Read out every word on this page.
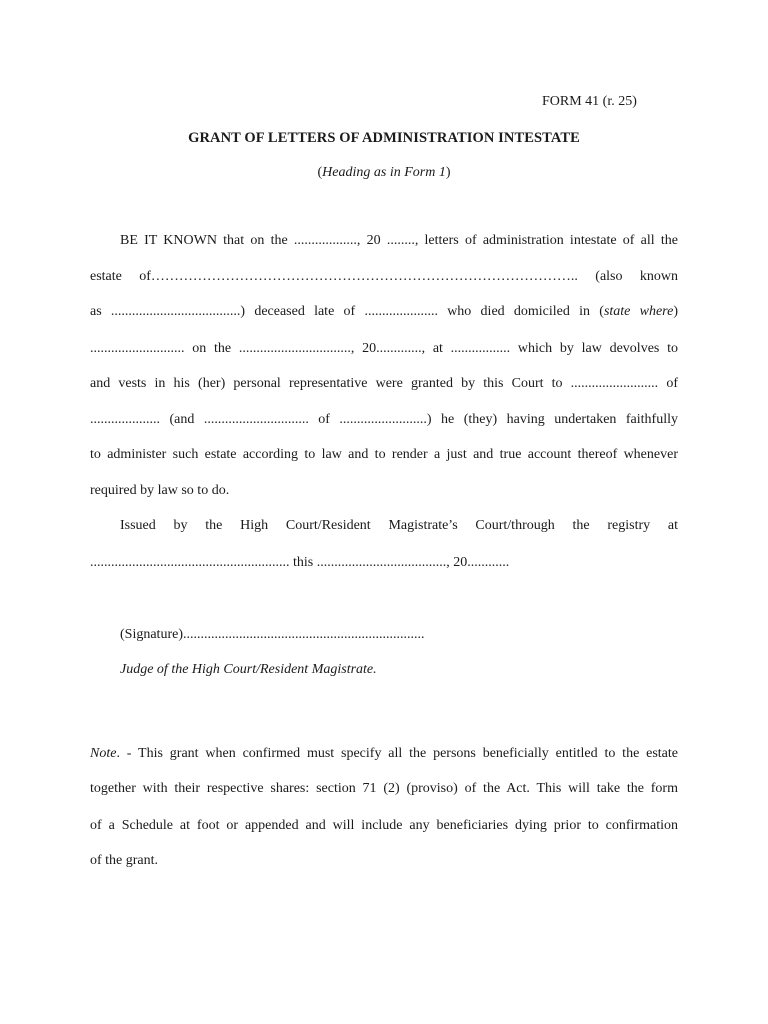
FORM 41 (r. 25)
GRANT OF LETTERS OF ADMINISTRATION INTESTATE
(Heading as in Form 1)
BE IT KNOWN that on the .................., 20 ........, letters of administration intestate of all the
estate of……………………………………………………………………………….. (also known
as .....................................) deceased late of ..................... who died domiciled in (state where)
........................... on the ................................, 20............., at ................. which by law devolves to
and vests in his (her) personal representative were granted by this Court to ......................... of
.................... (and .............................. of .........................) he (they) having undertaken faithfully
to administer such estate according to law and to render a just and true account thereof whenever
required by law so to do.
Issued by the High Court/Resident Magistrate’s Court/through the registry at
......................................................... this ....................................., 20............
(Signature).....................................................................
Judge of the High Court/Resident Magistrate.
Note. - This grant when confirmed must specify all the persons beneficially entitled to the estate
together with their respective shares: section 71 (2) (proviso) of the Act. This will take the form
of a Schedule at foot or appended and will include any beneficiaries dying prior to confirmation
of the grant.
